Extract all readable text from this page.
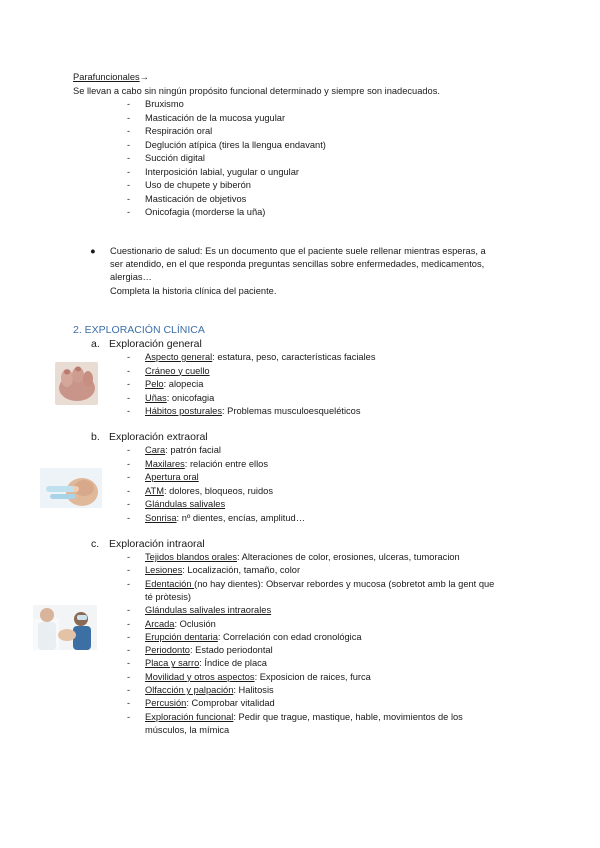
Parafuncionales→
Se llevan a cabo sin ningún propósito funcional determinado y siempre son inadecuados.
- Bruxismo
- Masticación de la mucosa yugular
- Respiración oral
- Deglución atípica (tires la llengua endavant)
- Succión digital
- Interposición labial, yugular o ungular
- Uso de chupete y biberón
- Masticación de objetivos
- Onicofagia (morderse la uña)
● Cuestionario de salud: Es un documento que el paciente suele rellenar mientras esperas, a
ser atendido, en el que responda preguntas sencillas sobre enfermedades, medicamentos,
alergias…
Completa la historia clínica del paciente.
2. EXPLORACIÓN CLÍNICA
a. Exploración general
- Aspecto general: estatura, peso, características faciales
- Cráneo y cuello
- Pelo: alopecia
- Uñas: onicofagia
- Hábitos posturales: Problemas musculoesqueléticos
b. Exploración extraoral
- Cara: patrón facial
- Maxilares: relación entre ellos
- Apertura oral
- ATM: dolores, bloqueos, ruidos
- Glándulas salivales
- Sonrisa: nº dientes, encías, amplitud…
c. Exploración intraoral
- Tejidos blandos orales: Alteraciones de color, erosiones, ulceras, tumoracion
- Lesiones: Localización, tamaño, color
- Edentación (no hay dientes): Observar rebordes y mucosa (sobretot amb la gent que
té pròtesis)
- Glándulas salivales intraorales
- Arcada: Oclusión
- Erupción dentaria: Correlación con edad cronológica
- Periodonto: Estado periodontal
- Placa y sarro: Índice de placa
- Movilidad y otros aspectos: Exposicion de raices, furca
- Olfacción y palpación: Halitosis
- Percusión: Comprobar vitalidad
- Exploración funcional: Pedir que trague, mastique, hable, movimientos de los
músculos, la mímica
